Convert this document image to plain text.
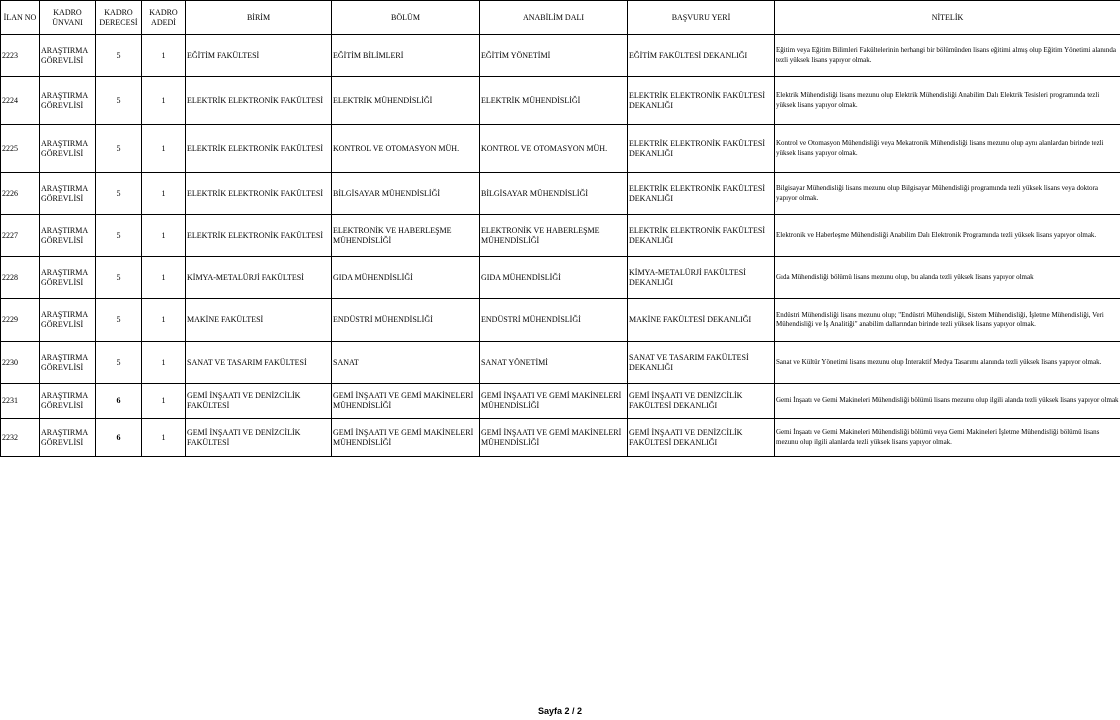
İLAN NO	KADRO ÜNVANI	KADRO DERECESİ	KADRO ADEDİ	BİRİM	BÖLÜM	ANABİLİM DALI	BAŞVURU YERİ	NİTELİK
2223	ARAŞTIRMA GÖREVLİSİ	5	1	EĞİTİM FAKÜLTESİ	EĞİTİM BİLİMLERİ	EĞİTİM YÖNETİMİ	EĞİTİM FAKÜLTESİ DEKANLIĞI	Eğitim veya Eğitim Bilimleri Fakültelerinin herhangi bir bölümünden lisans eğitimi almış olup Eğitim Yönetimi alanında tezli yüksek lisans yapıyor olmak.
2224	ARAŞTIRMA GÖREVLİSİ	5	1	ELEKTRİK ELEKTRONİK FAKÜLTESİ	ELEKTRİK MÜHENDİSLİĞİ	ELEKTRİK MÜHENDİSLİĞİ	ELEKTRİK ELEKTRONİK FAKÜLTESİ DEKANLIĞI	Elektrik Mühendisliği lisans mezunu olup Elektrik Mühendisliği Anabilim Dalı Elektrik Tesisleri programında tezli yüksek lisans yapıyor olmak.
2225	ARAŞTIRMA GÖREVLİSİ	5	1	ELEKTRİK ELEKTRONİK FAKÜLTESİ	KONTROL VE OTOMASYON MÜH.	KONTROL VE OTOMASYON MÜH.	ELEKTRİK ELEKTRONİK FAKÜLTESİ DEKANLIĞI	Kontrol ve Otomasyon Mühendisliği veya Mekatronik Mühendisliği lisans mezunu olup aynı alanlardan birinde tezli yüksek lisans yapıyor olmak.
2226	ARAŞTIRMA GÖREVLİSİ	5	1	ELEKTRİK ELEKTRONİK FAKÜLTESİ	BİLGİSAYAR MÜHENDİSLİĞİ	BİLGİSAYAR MÜHENDİSLİĞİ	ELEKTRİK ELEKTRONİK FAKÜLTESİ DEKANLIĞI	Bilgisayar Mühendisliği lisans mezunu olup Bilgisayar Mühendisliği programında tezli yüksek lisans veya doktora yapıyor olmak.
2227	ARAŞTIRMA GÖREVLİSİ	5	1	ELEKTRİK ELEKTRONİK FAKÜLTESİ	ELEKTRONİK VE HABERLEŞME MÜHENDİSLİĞİ	ELEKTRONİK VE HABERLEŞME MÜHENDİSLİĞİ	ELEKTRİK ELEKTRONİK FAKÜLTESİ DEKANLIĞI	Elektronik ve Haberleşme Mühendisliği Anabilim Dalı Elektronik Programında tezli yüksek lisans yapıyor olmak.
2228	ARAŞTIRMA GÖREVLİSİ	5	1	KİMYA-METALÜRJİ FAKÜLTESİ	GIDA MÜHENDİSLİĞİ	GIDA MÜHENDİSLİĞİ	KİMYA-METALÜRJİ FAKÜLTESİ DEKANLIĞI	Gıda Mühendisliği bölümü lisans mezunu olup, bu alanda tezli yüksek lisans yapıyor olmak
2229	ARAŞTIRMA GÖREVLİSİ	5	1	MAKİNE FAKÜLTESİ	ENDÜSTRİ MÜHENDİSLİĞİ	ENDÜSTRİ MÜHENDİSLİĞİ	MAKİNE FAKÜLTESİ DEKANLIĞI	Endüstri Mühendisliği lisans mezunu olup; "Endüstri Mühendisliği, Sistem Mühendisliği, İşletme Mühendisliği, Veri Mühendisliği ve İş Analitiği" anabilim dallarından birinde tezli yüksek lisans yapıyor olmak.
2230	ARAŞTIRMA GÖREVLİSİ	5	1	SANAT VE TASARIM FAKÜLTESİ	SANAT	SANAT YÖNETİMİ	SANAT VE TASARIM FAKÜLTESİ DEKANLIĞI	Sanat ve Kültür Yönetimi lisans mezunu olup İnteraktif Medya Tasarımı alanında tezli yüksek lisans yapıyor olmak.
2231	ARAŞTIRMA GÖREVLİSİ	6	1	GEMİ İNŞAATI VE DENİZCİLİK FAKÜLTESİ	GEMİ İNŞAATI VE GEMİ MAKİNELERİ MÜHENDİSLİĞİ	GEMİ İNŞAATI VE GEMİ MAKİNELERİ MÜHENDİSLİĞİ	GEMİ İNŞAATI VE DENİZCİLİK FAKÜLTESİ DEKANLIĞI	Gemi İnşaatı ve Gemi Makineleri Mühendisliği bölümü lisans mezunu olup ilgili alanda tezli yüksek lisans yapıyor olmak
2232	ARAŞTIRMA GÖREVLİSİ	6	1	GEMİ İNŞAATI VE DENİZCİLİK FAKÜLTESİ	GEMİ İNŞAATI VE GEMİ MAKİNELERİ MÜHENDİSLİĞİ	GEMİ İNŞAATI VE GEMİ MAKİNELERİ MÜHENDİSLİĞİ	GEMİ İNŞAATI VE DENİZCİLİK FAKÜLTESİ DEKANLIĞI	Gemi İnşaatı ve Gemi Makineleri Mühendisliği bölümü veya Gemi Makineleri İşletme Mühendisliği bölümü lisans mezunu olup ilgili alanlarda tezli yüksek lisans yapıyor olmak.
Sayfa 2 / 2
